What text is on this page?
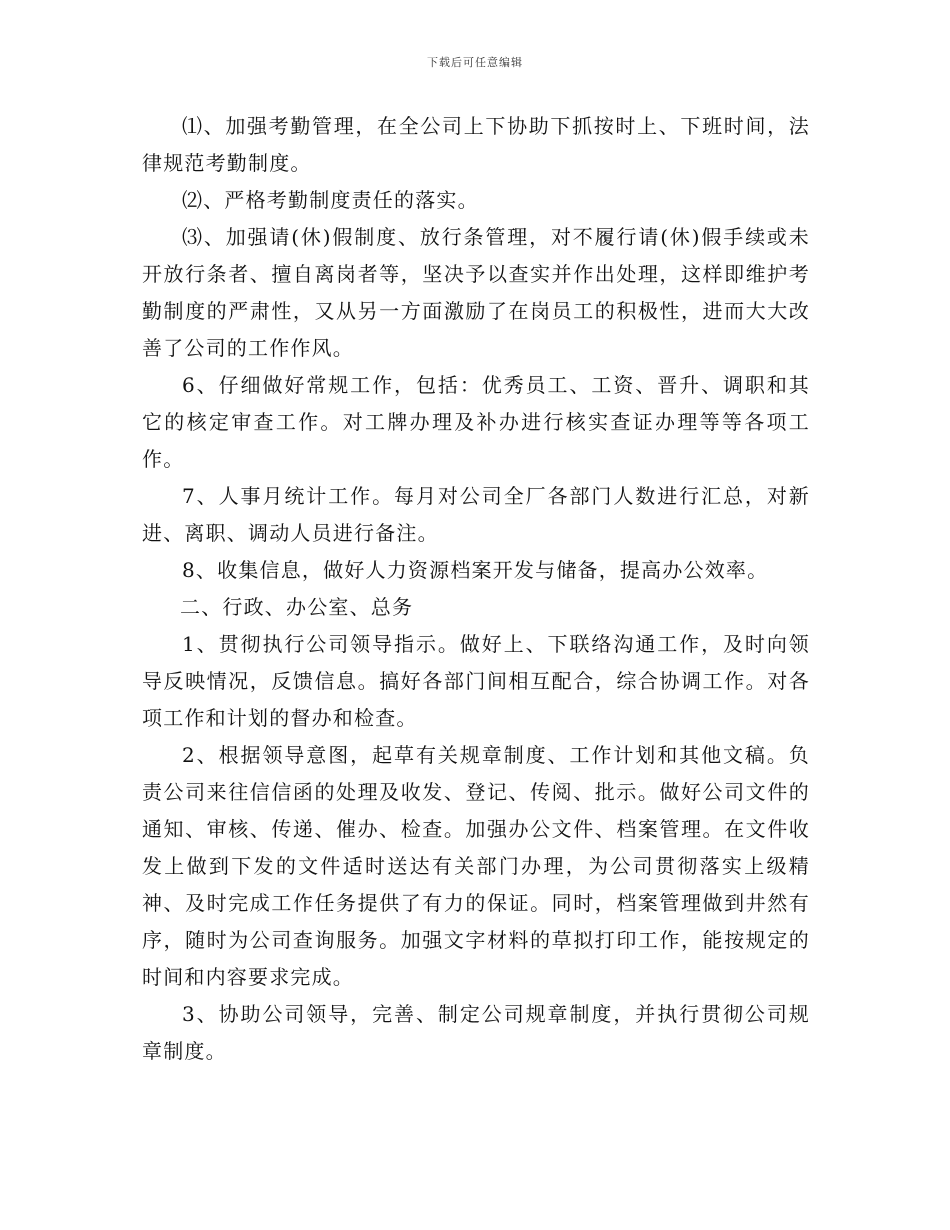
下载后可任意编辑

⑴、加强考勤管理，在全公司上下协助下抓按时上、下班时间，法律规范考勤制度。

⑵、严格考勤制度责任的落实。

⑶、加强请(休)假制度、放行条管理，对不履行请(休)假手续或未开放行条者、擅自离岗者等，坚决予以查实并作出处理，这样即维护考勤制度的严肃性，又从另一方面激励了在岗员工的积极性，进而大大改善了公司的工作作风。

6、仔细做好常规工作，包括：优秀员工、工资、晋升、调职和其它的核定审查工作。对工牌办理及补办进行核实查证办理等等各项工作。

7、人事月统计工作。每月对公司全厂各部门人数进行汇总，对新进、离职、调动人员进行备注。

8、收集信息，做好人力资源档案开发与储备，提高办公效率。

二、行政、办公室、总务

1、贯彻执行公司领导指示。做好上、下联络沟通工作，及时向领导反映情况，反馈信息。搞好各部门间相互配合，综合协调工作。对各项工作和计划的督办和检查。

2、根据领导意图，起草有关规章制度、工作计划和其他文稿。负责公司来往信信函的处理及收发、登记、传阅、批示。做好公司文件的通知、审核、传递、催办、检查。加强办公文件、档案管理。在文件收发上做到下发的文件适时送达有关部门办理，为公司贯彻落实上级精神、及时完成工作任务提供了有力的保证。同时，档案管理做到井然有序，随时为公司查询服务。加强文字材料的草拟打印工作，能按规定的时间和内容要求完成。

3、协助公司领导，完善、制定公司规章制度，并执行贯彻公司规章制度。
